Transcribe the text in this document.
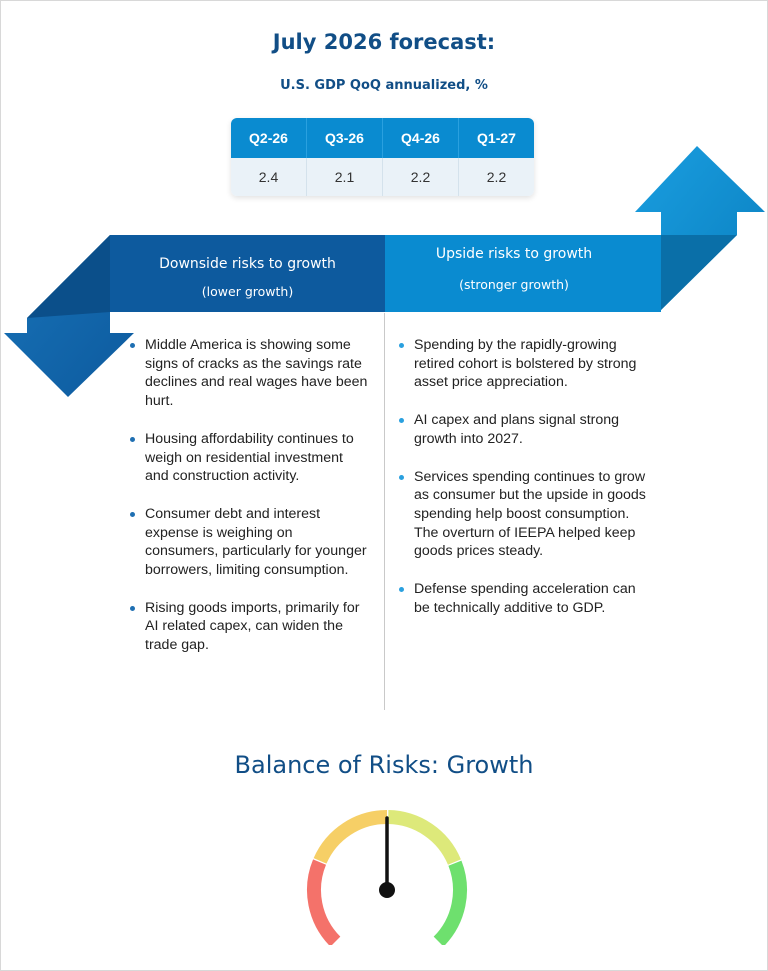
July 2026 forecast:
U.S. GDP QoQ annualized, %
Q2-26	Q3-26	Q4-26	Q1-27
2.4	2.1	2.2	2.2
Downside risks to growth
(lower growth)
Upside risks to growth
(stronger growth)
Middle America is showing some signs of cracks as the savings rate declines and real wages have been hurt.
Housing affordability continues to weigh on residential investment and construction activity.
Consumer debt and interest expense is weighing on consumers, particularly for younger borrowers, limiting consumption.
Rising goods imports, primarily for AI related capex, can widen the trade gap.
Spending by the rapidly-growing retired cohort is bolstered by strong asset price appreciation.
AI capex and plans signal strong growth into 2027.
Services spending continues to grow as consumer but the upside in goods spending help boost consumption. The overturn of IEEPA helped keep goods prices steady.
Defense spending acceleration can be technically additive to GDP.
Balance of Risks: Growth
